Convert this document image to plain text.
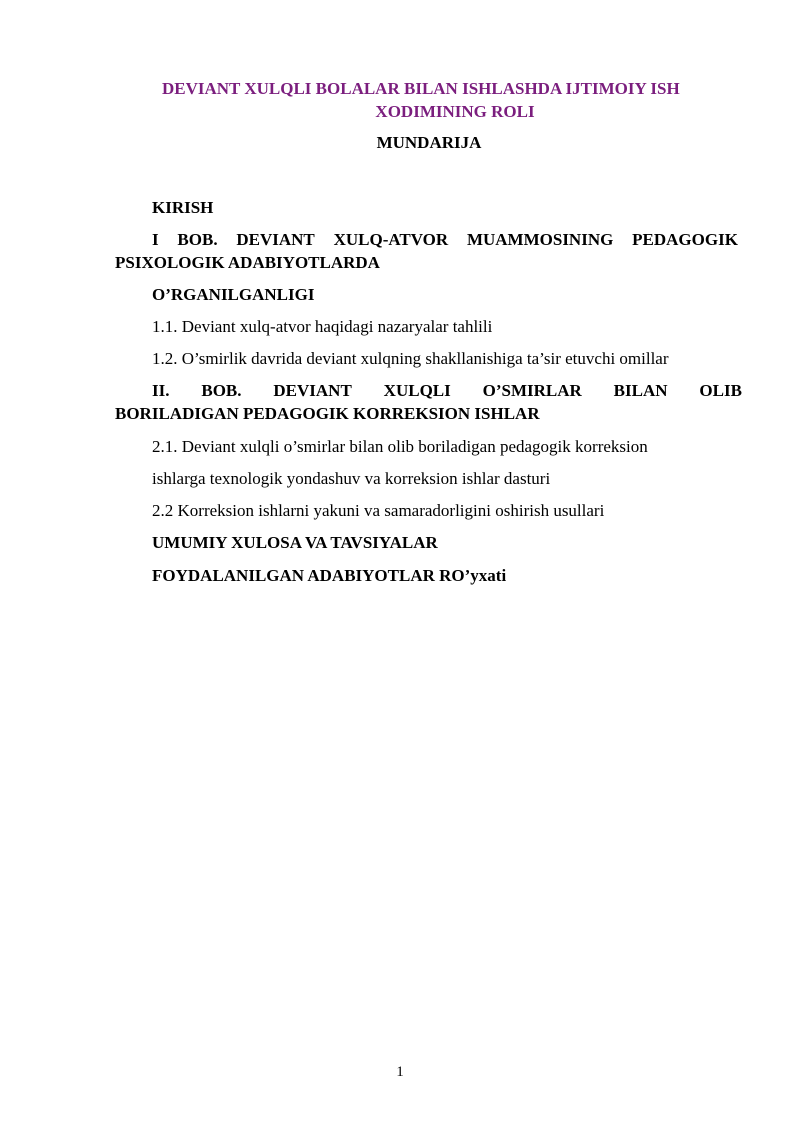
DEVIANT XULQLI BOLALAR BILAN ISHLASHDA IJTIMOIY ISH
XODIMINING ROLI
MUNDARIJA
KIRISH
I BOB. DEVIANT XULQ-ATVOR MUAMMOSINING PEDAGOGIK
PSIXOLOGIK ADABIYOTLARDA
O’RGANILGANLIGI
1.1. Deviant xulq-atvor haqidagi nazaryalar tahlili
1.2. O’smirlik davrida deviant xulqning shakllanishiga ta’sir etuvchi omillar
II. BOB. DEVIANT XULQLI O’SMIRLAR BILAN OLIB
BORILADIGAN PEDAGOGIK KORREKSION ISHLAR
2.1. Deviant xulqli o’smirlar bilan olib boriladigan pedagogik korreksion
ishlarga texnologik yondashuv va korreksion ishlar dasturi
2.2 Korreksion ishlarni yakuni va samaradorligini oshirish usullari
UMUMIY XULOSA VA TAVSIYALAR
FOYDALANILGAN ADABIYOTLAR RO’yxati
1
